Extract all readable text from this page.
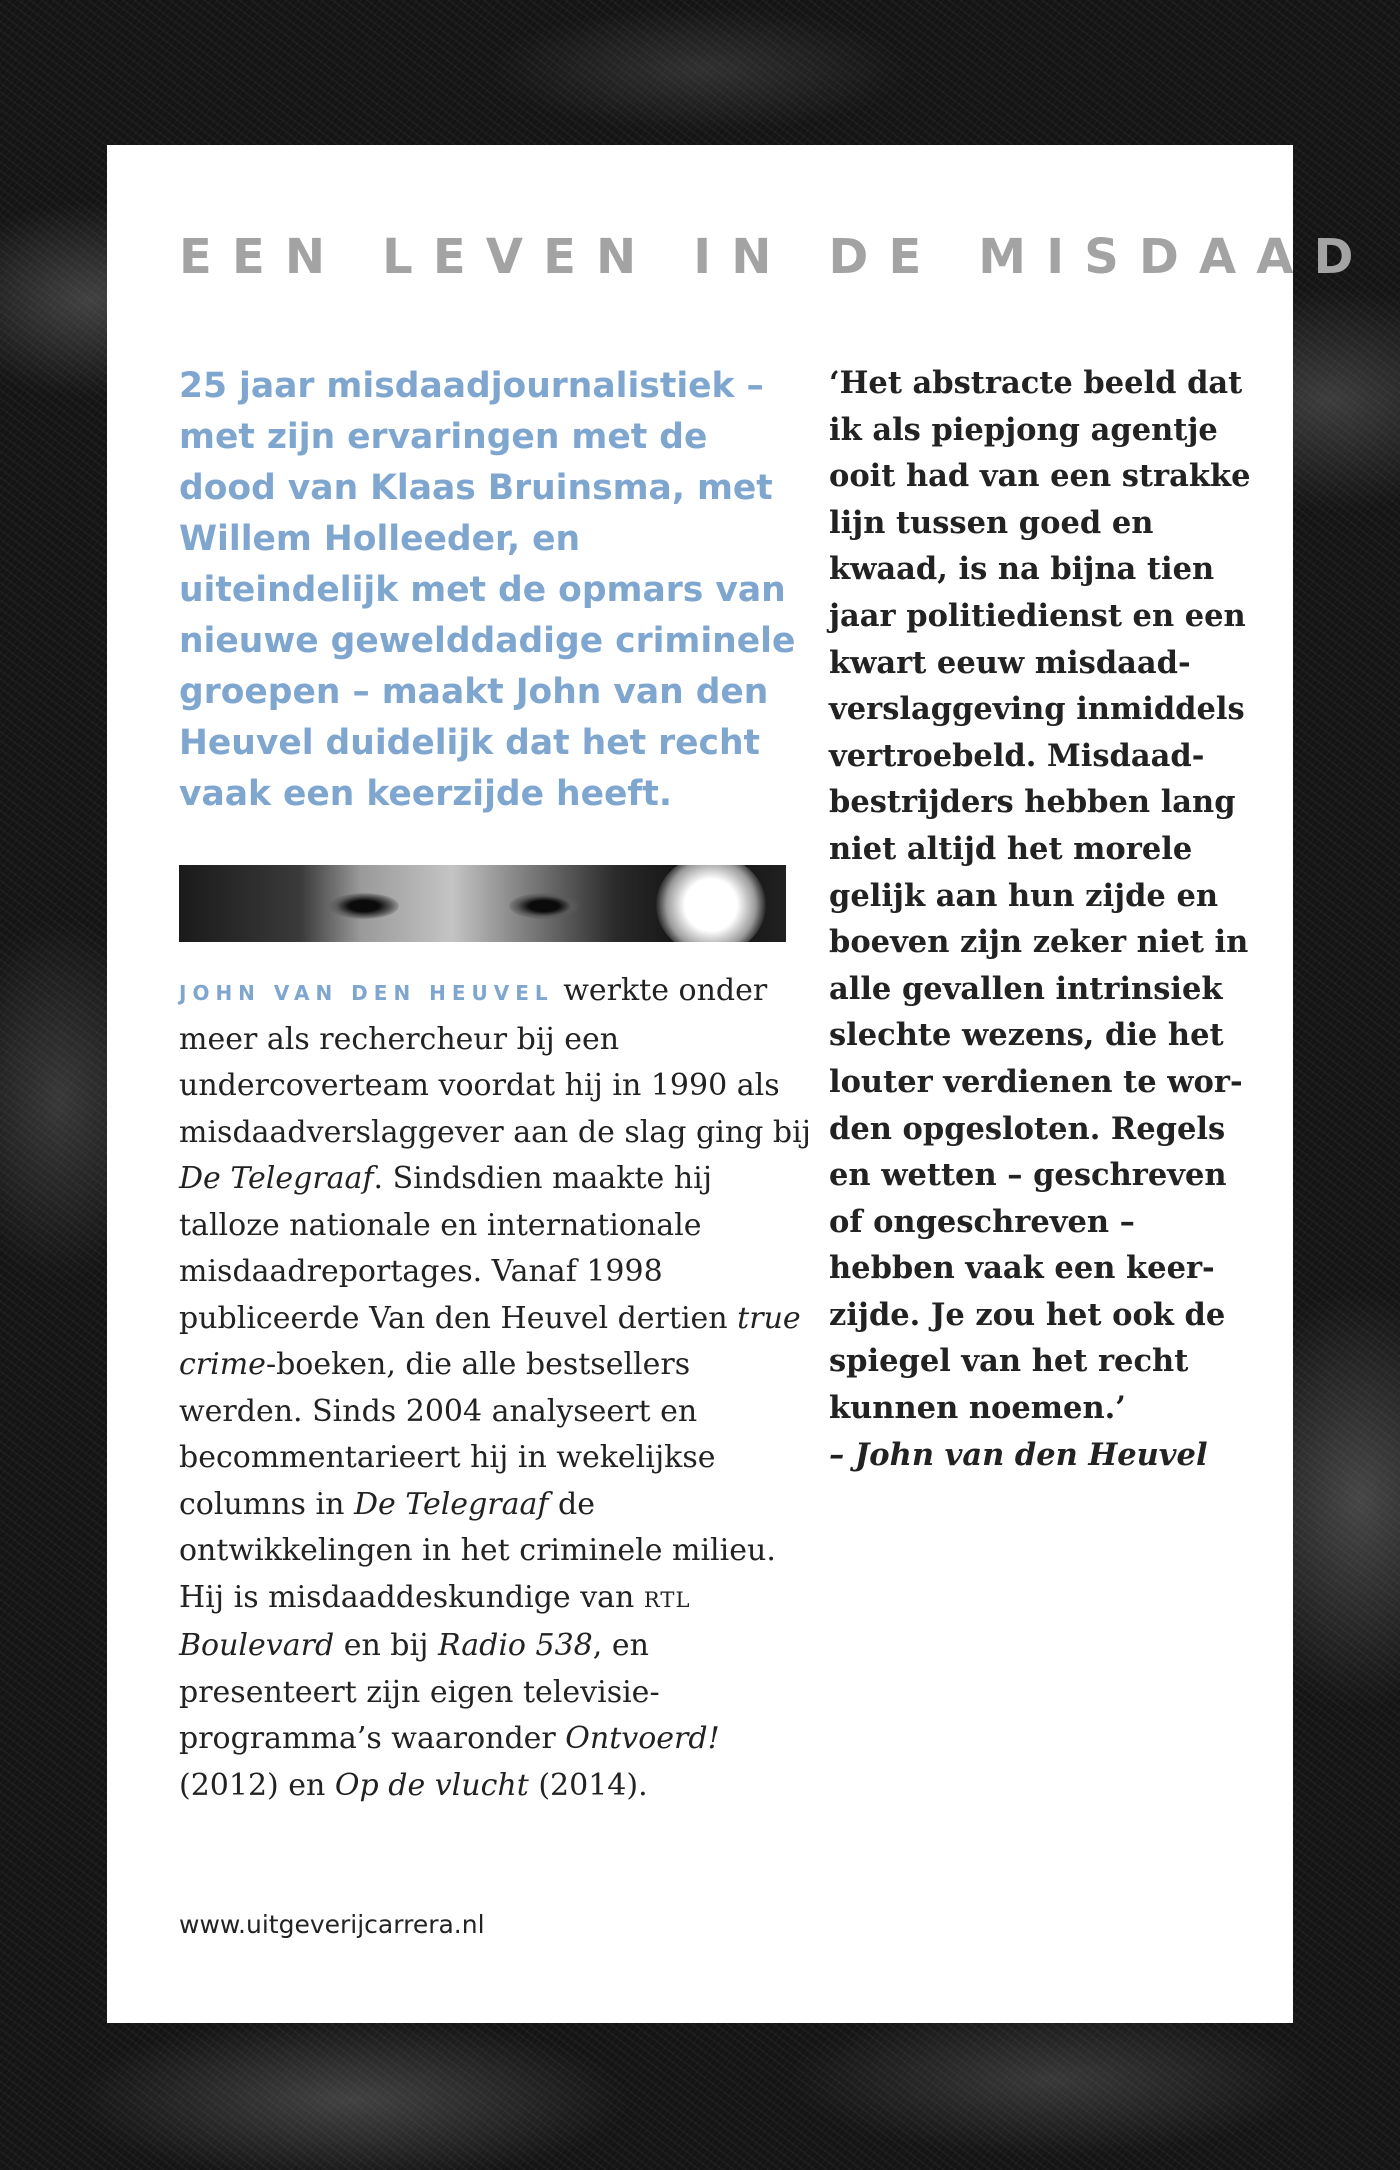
EEN LEVEN IN DE MISDAAD

25 jaar misdaadjournalistiek – met zijn ervaringen met de dood van Klaas Bruinsma, met Willem Holleeder, en uiteindelijk met de opmars van nieuwe gewelddadige criminele groepen – maakt John van den Heuvel duidelijk dat het recht vaak een keerzijde heeft.

JOHN VAN DEN HEUVEL werkte onder meer als rechercheur bij een undercoverteam voordat hij in 1990 als misdaadverslaggever aan de slag ging bij De Telegraaf. Sindsdien maakte hij talloze nationale en internationale misdaadreportages. Vanaf 1998 publiceerde Van den Heuvel dertien true crime-boeken, die alle bestsellers werden. Sinds 2004 analyseert en becommentarieert hij in wekelijkse columns in De Telegraaf de ontwikkelingen in het criminele milieu. Hij is misdaaddeskundige van RTL Boulevard en bij Radio 538, en presenteert zijn eigen televisieprogramma’s waaronder Ontvoerd! (2012) en Op de vlucht (2014).

‘Het abstracte beeld dat ik als piepjong agentje ooit had van een strakke lijn tussen goed en kwaad, is na bijna tien jaar politiedienst en een kwart eeuw misdaadverslaggeving inmiddels vertroebeld. Misdaadbestrijders hebben lang niet altijd het morele gelijk aan hun zijde en boeven zijn zeker niet in alle gevallen intrinsiek slechte wezens, die het louter verdienen te worden opgesloten. Regels en wetten – geschreven of ongeschreven – hebben vaak een keerzijde. Je zou het ook de spiegel van het recht kunnen noemen.’
– John van den Heuvel

www.uitgeverijcarrera.nl
